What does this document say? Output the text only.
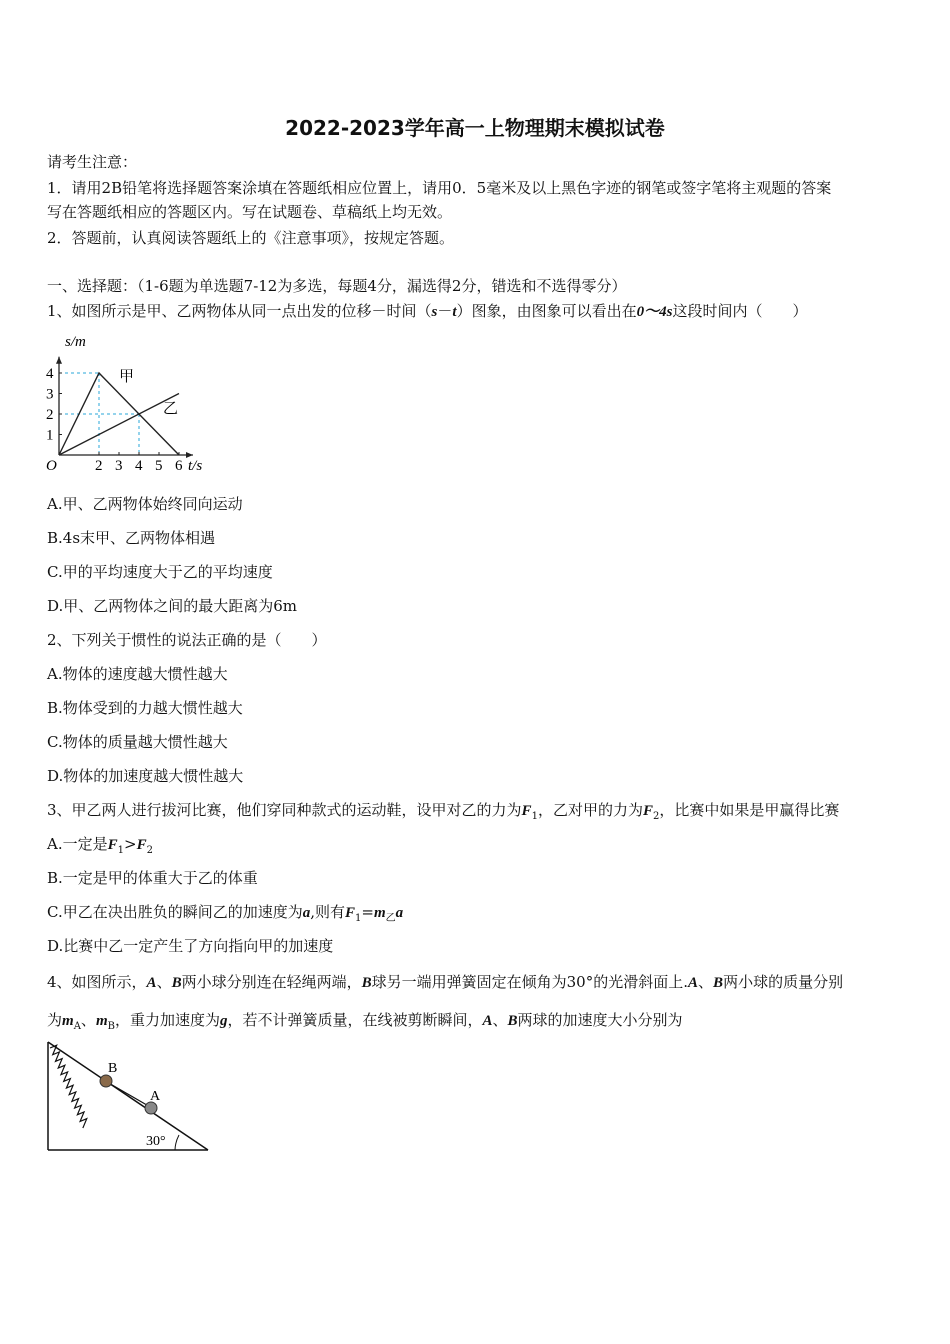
2022-2023学年高一上物理期末模拟试卷
请考生注意：
1．请用2B铅笔将选择题答案涂填在答题纸相应位置上，请用0．5毫米及以上黑色字迹的钢笔或签字笔将主观题的答案
写在答题纸相应的答题区内。写在试题卷、草稿纸上均无效。
2．答题前，认真阅读答题纸上的《注意事项》，按规定答题。
一、选择题：（1-6题为单选题7-12为多选，每题4分，漏选得2分，错选和不选得零分）
1、如图所示是甲、乙两物体从同一点出发的位移－时间（s－t）图象，由图象可以看出在0～4s这段时间内（　　）
2 3 4 5 6
1
2
3
4	甲
乙
s/m
t/s
O
A.甲、乙两物体始终同向运动
B.4s末甲、乙两物体相遇
C.甲的平均速度大于乙的平均速度
D.甲、乙两物体之间的最大距离为6m
2、下列关于惯性的说法正确的是（　　）
A.物体的速度越大惯性越大
B.物体受到的力越大惯性越大
C.物体的质量越大惯性越大
D.物体的加速度越大惯性越大
3、甲乙两人进行拔河比赛，他们穿同种款式的运动鞋，设甲对乙的力为$F_1$，乙对甲的力为$F_2$，比赛中如果是甲赢得比赛
A.一定是$F_1>F_2$
B.一定是甲的体重大于乙的体重
C.甲乙在决出胜负的瞬间乙的加速度为a,则有$F_1=m_乙a$
D.比赛中乙一定产生了方向指向甲的加速度
4、如图所示，A、B两小球分别连在轻绳两端，B球另一端用弹簧固定在倾角为30°的光滑斜面上.A、B两小球的质量分别
为$m_A$、$m_B$，重力加速度为g，若不计弹簧质量，在线被剪断瞬间，A、B两球的加速度大小分别为
B
A
30°
